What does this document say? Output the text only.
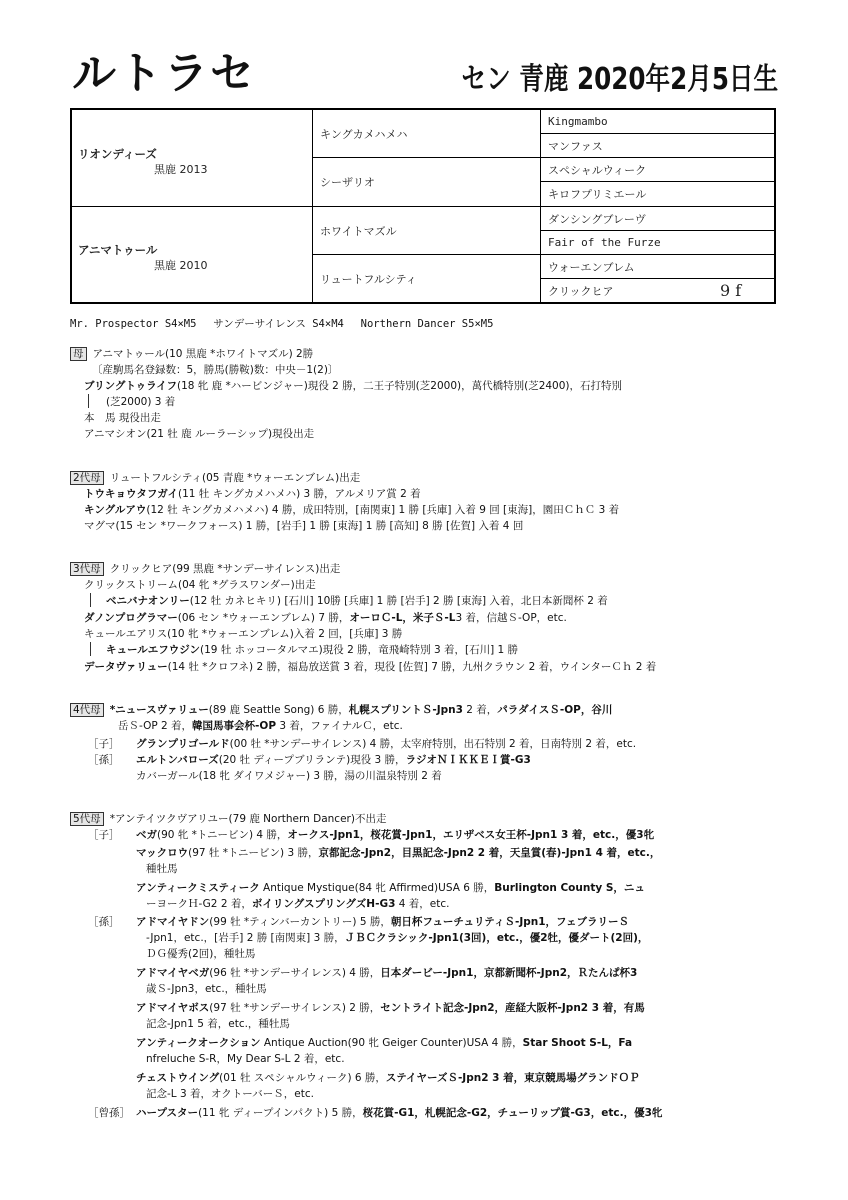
ルトラセ	セン 青鹿 2020年2月5日生
リオンディーズ
黒鹿 2013
アニマトゥール
黒鹿 2010
キングカメハメハ
シーザリオ
ホワイトマズル
リュートフルシティ
Kingmambo
マンファス
スペシャルウィーク
キロフプリミエール
ダンシングブレーヴ
Fair of the Furze
ウォーエンブレム
クリックヒア	9 f
Mr. Prospector S4×M5　 サンデーサイレンス S4×M4　 Northern Dancer S5×M5
母 アニマトゥール(10 黒鹿 *ホワイトマズル) 2勝
〔産駒馬名登録数：5，勝馬(勝鞍)数：中央－1(2)〕
ブリングトゥライフ(18 牝 鹿 *ハービンジャー)現役 2 勝，二王子特別(芝2000)，萬代橋特別(芝2400)，石打特別
(芝2000) 3 着
本　馬 現役出走
アニマシオン(21 牡 鹿 ルーラーシップ)現役出走
2代母 リュートフルシティ(05 青鹿 *ウォーエンブレム)出走
トウキョウタフガイ(11 牡 キングカメハメハ) 3 勝，アルメリア賞 2 着
キングルアウ(12 牡 キングカメハメハ) 4 勝，成田特別，[南関東] 1 勝 [兵庫] 入着 9 回 [東海]，園田ＣｈＣ 3 着
マグマ(15 セン *ワークフォース) 1 勝，[岩手] 1 勝 [東海] 1 勝 [高知] 8 勝 [佐賀] 入着 4 回
3代母 クリックヒア(99 黒鹿 *サンデーサイレンス)出走
クリックストリーム(04 牝 *グラスワンダー)出走
ベニバナオンリー(12 牡 カネヒキリ) [石川] 10勝 [兵庫] 1 勝 [岩手] 2 勝 [東海] 入着，北日本新聞杯 2 着
ダノンプログラマー(06 セン *ウォーエンブレム) 7 勝，オーロＣ-L，米子Ｓ-L3 着，信越Ｓ-OP，etc.
キュールエアリス(10 牝 *ウォーエンブレム)入着 2 回，[兵庫] 3 勝
キュールエフウジン(19 牡 ホッコータルマエ)現役 2 勝，竜飛崎特別 3 着，[石川] 1 勝
データヴァリュー(14 牡 *クロフネ) 2 勝，福島放送賞 3 着，現役 [佐賀] 7 勝，九州クラウン 2 着，ウインターＣｈ 2 着
4代母 *ニュースヴァリュー(89 鹿 Seattle Song) 6 勝，札幌スプリントＳ-Jpn3 2 着，パラダイスＳ-OP，谷川
岳Ｓ-OP 2 着，韓国馬事会杯-OP 3 着，ファイナルＣ，etc.
［子］ グランプリゴールド(00 牡 *サンデーサイレンス) 4 勝，太宰府特別，出石特別 2 着，日南特別 2 着，etc.
［孫］ エルトンバローズ(20 牡 ディープブリランテ)現役 3 勝，ラジオＮＩＫＫＥＩ賞-G3
カバーガール(18 牝 ダイワメジャー) 3 勝，湯の川温泉特別 2 着
5代母 *アンテイツクヴアリユー(79 鹿 Northern Dancer)不出走
［子］ ベガ(90 牝 *トニービン) 4 勝，オークス-Jpn1，桜花賞-Jpn1，エリザベス女王杯-Jpn1 3 着，etc.，優3牝
マックロウ(97 牡 *トニービン) 3 勝，京都記念-Jpn2，目黒記念-Jpn2 2 着，天皇賞(春)-Jpn1 4 着，etc.，
種牡馬
アンティークミスティーク Antique Mystique(84 牝 Affirmed)USA 6 勝，Burlington County S，ニュ
ーヨークＨ-G2 2 着，ボイリングスプリングズH-G3 4 着，etc.
［孫］ アドマイヤドン(99 牡 *ティンバーカントリー) 5 勝，朝日杯フューチュリティＳ-Jpn1，フェブラリーＳ
-Jpn1，etc.，[岩手] 2 勝 [南関東] 3 勝，ＪＢＣクラシック-Jpn1(3回)，etc.，優2牡，優ダート(2回)，
ＤＧ優秀(2回)，種牡馬
アドマイヤベガ(96 牡 *サンデーサイレンス) 4 勝，日本ダービー-Jpn1，京都新聞杯-Jpn2，Ｒたんぱ杯3
歳Ｓ-Jpn3，etc.，種牡馬
アドマイヤボス(97 牡 *サンデーサイレンス) 2 勝，セントライト記念-Jpn2，産経大阪杯-Jpn2 3 着，有馬
記念-Jpn1 5 着，etc.，種牡馬
アンティークオークション Antique Auction(90 牝 Geiger Counter)USA 4 勝，Star Shoot S-L，Fa
nfreluche S-R，My Dear S-L 2 着，etc.
チェストウイング(01 牡 スペシャルウィーク) 6 勝，ステイヤーズＳ-Jpn2 3 着，東京競馬場グランドＯＰ
記念-L 3 着，オクトーバーＳ，etc.
［曾孫］ ハープスター(11 牝 ディープインパクト) 5 勝，桜花賞-G1，札幌記念-G2，チューリップ賞-G3，etc.，優3牝
